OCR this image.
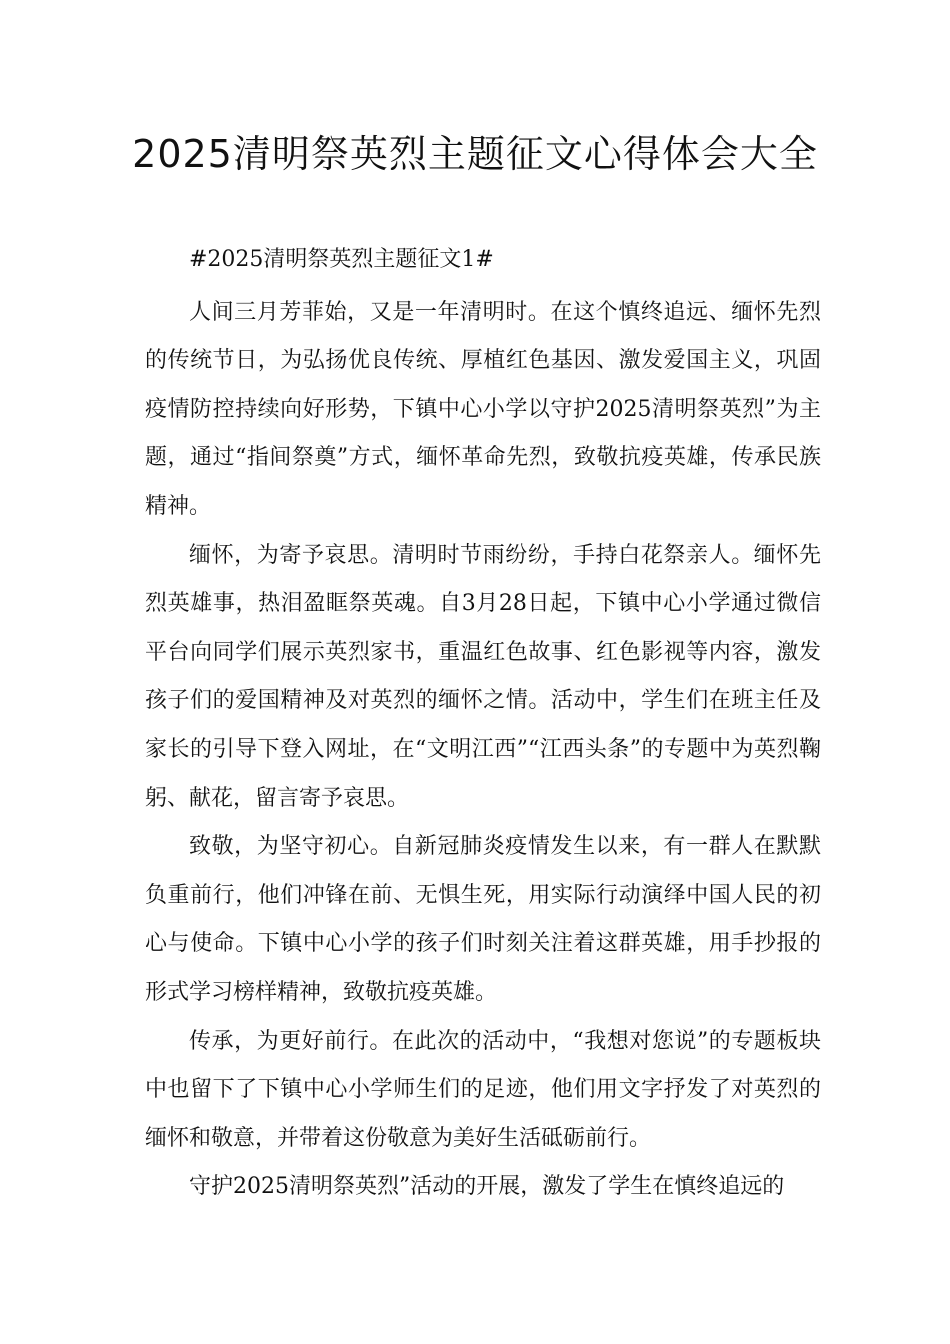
2025清明祭英烈主题征文心得体会大全

#2025清明祭英烈主题征文1#

人间三月芳菲始，又是一年清明时。在这个慎终追远、缅怀先烈的传统节日，为弘扬优良传统、厚植红色基因、激发爱国主义，巩固疫情防控持续向好形势，下镇中心小学以守护2025清明祭英烈”为主题，通过“指间祭奠”方式，缅怀革命先烈，致敬抗疫英雄，传承民族精神。

缅怀，为寄予哀思。清明时节雨纷纷，手持白花祭亲人。缅怀先烈英雄事，热泪盈眶祭英魂。自3月28日起，下镇中心小学通过微信平台向同学们展示英烈家书，重温红色故事、红色影视等内容，激发孩子们的爱国精神及对英烈的缅怀之情。活动中，学生们在班主任及家长的引导下登入网址，在“文明江西”“江西头条”的专题中为英烈鞠躬、献花，留言寄予哀思。

致敬，为坚守初心。自新冠肺炎疫情发生以来，有一群人在默默负重前行，他们冲锋在前、无惧生死，用实际行动演绎中国人民的初心与使命。下镇中心小学的孩子们时刻关注着这群英雄，用手抄报的形式学习榜样精神，致敬抗疫英雄。

传承，为更好前行。在此次的活动中，“我想对您说”的专题板块中也留下了下镇中心小学师生们的足迹，他们用文字抒发了对英烈的缅怀和敬意，并带着这份敬意为美好生活砥砺前行。

守护2025清明祭英烈”活动的开展，激发了学生在慎终追远的
